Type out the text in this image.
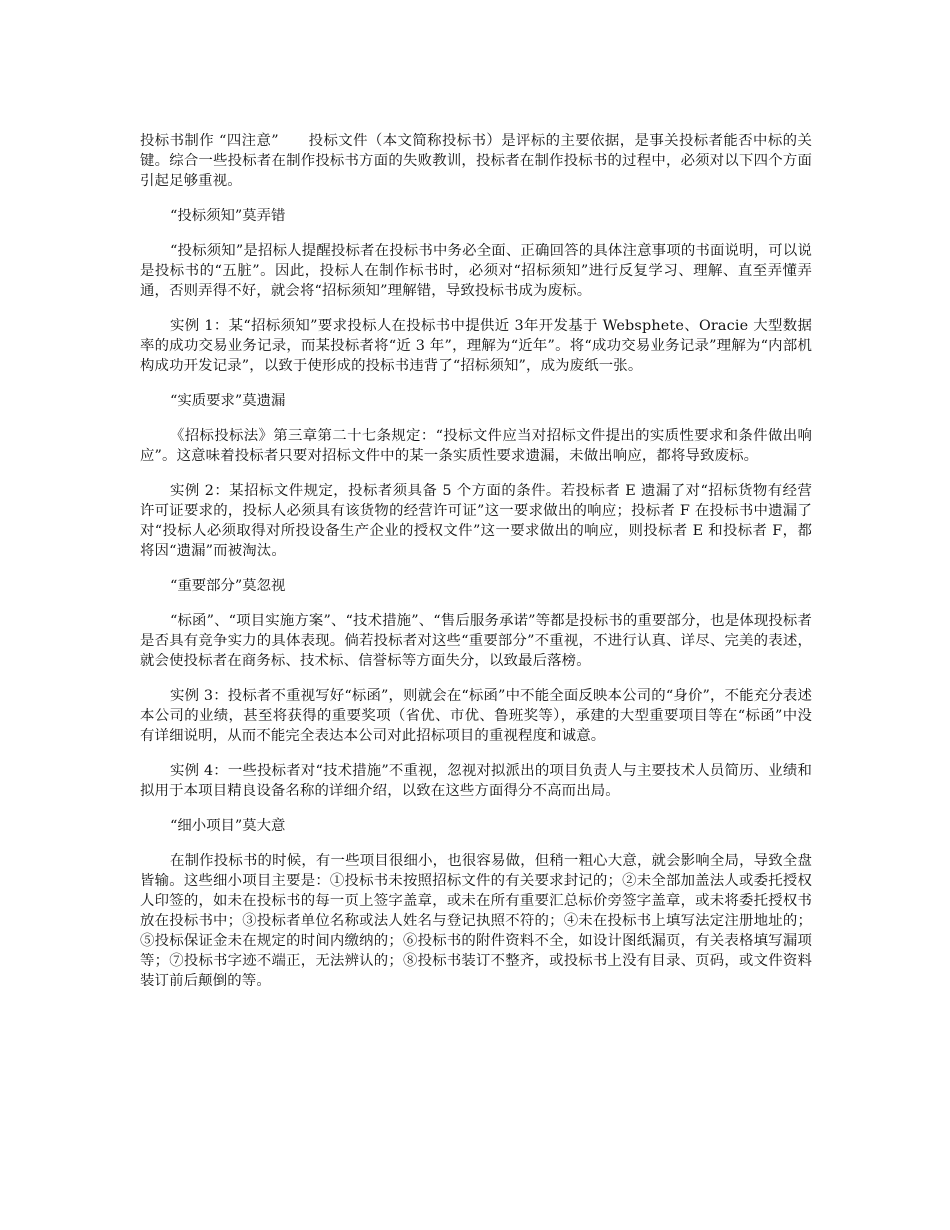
投标书制作 “四注意”　　投标文件（本文简称投标书）是评标的主要依据，是事关投标者能否中标的关键。综合一些投标者在制作投标书方面的失败教训，投标者在制作投标书的过程中，必须对以下四个方面引起足够重视。

“投标须知”莫弄错

“投标须知”是招标人提醒投标者在投标书中务必全面、正确回答的具体注意事项的书面说明，可以说是投标书的“五脏”。因此，投标人在制作标书时，必须对“招标须知”进行反复学习、理解、直至弄懂弄通，否则弄得不好，就会将“招标须知”理解错，导致投标书成为废标。

实例 1：某“招标须知”要求投标人在投标书中提供近 3年开发基于 Websphete、Oracie 大型数据率的成功交易业务记录，而某投标者将“近 3 年”，理解为“近年”。将“成功交易业务记录”理解为“内部机构成功开发记录”，以致于使形成的投标书违背了“招标须知”，成为废纸一张。

“实质要求”莫遗漏

《招标投标法》第三章第二十七条规定：“投标文件应当对招标文件提出的实质性要求和条件做出响应”。这意味着投标者只要对招标文件中的某一条实质性要求遗漏，未做出响应，都将导致废标。

实例 2：某招标文件规定，投标者须具备 5 个方面的条件。若投标者 E 遗漏了对“招标货物有经营许可证要求的，投标人必须具有该货物的经营许可证”这一要求做出的响应；投标者 F 在投标书中遗漏了对“投标人必须取得对所投设备生产企业的授权文件”这一要求做出的响应，则投标者 E 和投标者 F，都将因“遗漏”而被淘汰。

“重要部分”莫忽视

“标函”、“项目实施方案”、“技术措施”、“售后服务承诺”等都是投标书的重要部分，也是体现投标者是否具有竞争实力的具体表现。倘若投标者对这些“重要部分”不重视，不进行认真、详尽、完美的表述，就会使投标者在商务标、技术标、信誉标等方面失分，以致最后落榜。

实例 3：投标者不重视写好“标函”，则就会在“标函”中不能全面反映本公司的“身价”，不能充分表述本公司的业绩，甚至将获得的重要奖项（省优、市优、鲁班奖等），承建的大型重要项目等在“标函”中没有详细说明，从而不能完全表达本公司对此招标项目的重视程度和诚意。

实例 4：一些投标者对“技术措施”不重视，忽视对拟派出的项目负责人与主要技术人员简历、业绩和拟用于本项目精良设备名称的详细介绍，以致在这些方面得分不高而出局。

“细小项目”莫大意

在制作投标书的时候，有一些项目很细小，也很容易做，但稍一粗心大意，就会影响全局，导致全盘皆输。这些细小项目主要是：①投标书未按照招标文件的有关要求封记的；②未全部加盖法人或委托授权人印签的，如未在投标书的每一页上签字盖章，或未在所有重要汇总标价旁签字盖章，或未将委托授权书放在投标书中；③投标者单位名称或法人姓名与登记执照不符的；④未在投标书上填写法定注册地址的；⑤投标保证金未在规定的时间内缴纳的；⑥投标书的附件资料不全，如设计图纸漏页，有关表格填写漏项等；⑦投标书字迹不端正，无法辨认的；⑧投标书装订不整齐，或投标书上没有目录、页码，或文件资料装订前后颠倒的等。
